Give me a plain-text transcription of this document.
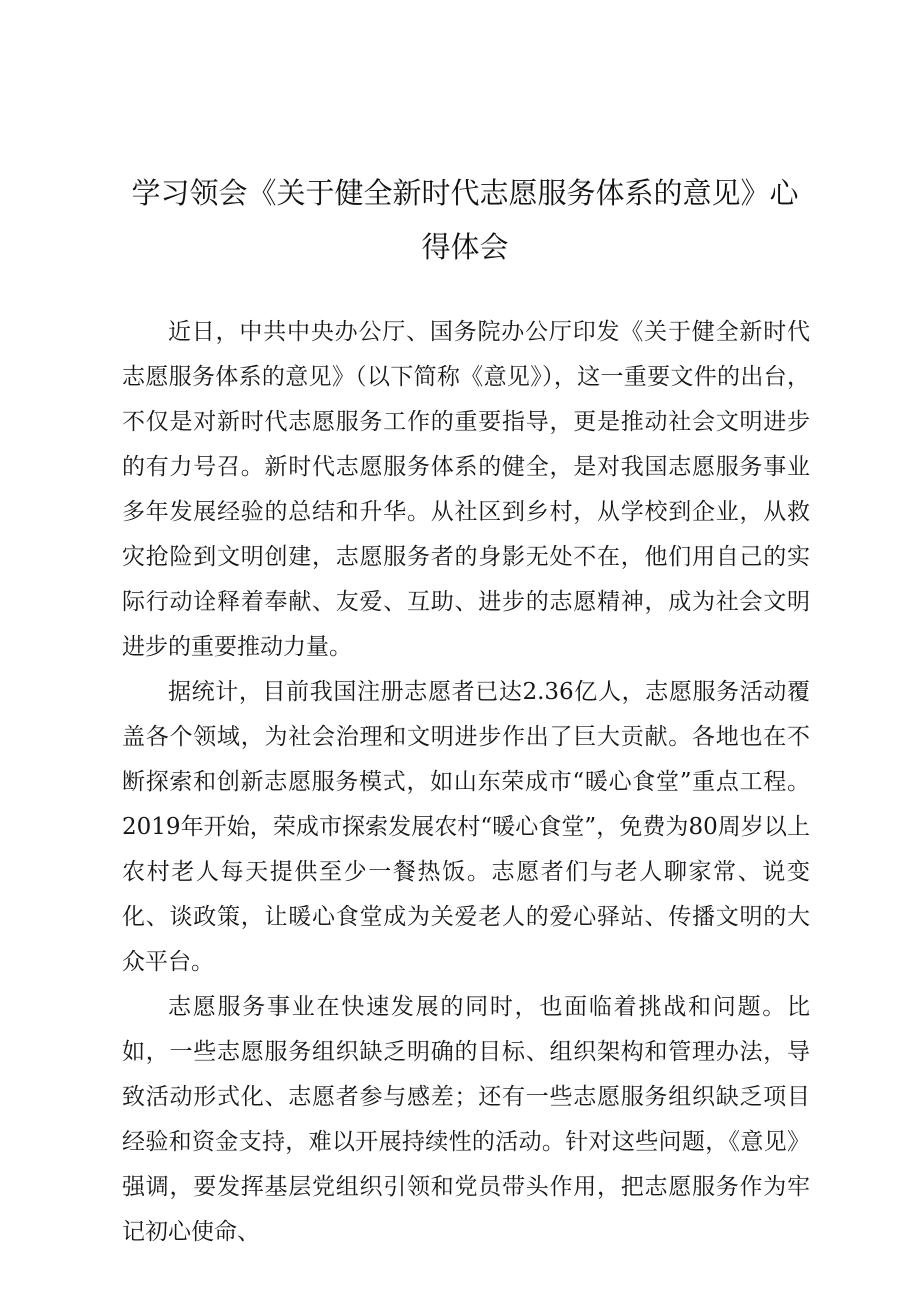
学习领会《关于健全新时代志愿服务体系的意见》心得体会

近日，中共中央办公厅、国务院办公厅印发《关于健全新时代志愿服务体系的意见》（以下简称《意见》），这一重要文件的出台，不仅是对新时代志愿服务工作的重要指导，更是推动社会文明进步的有力号召。新时代志愿服务体系的健全，是对我国志愿服务事业多年发展经验的总结和升华。从社区到乡村，从学校到企业，从救灾抢险到文明创建，志愿服务者的身影无处不在，他们用自己的实际行动诠释着奉献、友爱、互助、进步的志愿精神，成为社会文明进步的重要推动力量。

据统计，目前我国注册志愿者已达2.36亿人，志愿服务活动覆盖各个领域，为社会治理和文明进步作出了巨大贡献。各地也在不断探索和创新志愿服务模式，如山东荣成市“暖心食堂”重点工程。2019年开始，荣成市探索发展农村“暖心食堂”，免费为80周岁以上农村老人每天提供至少一餐热饭。志愿者们与老人聊家常、说变化、谈政策，让暖心食堂成为关爱老人的爱心驿站、传播文明的大众平台。

志愿服务事业在快速发展的同时，也面临着挑战和问题。比如，一些志愿服务组织缺乏明确的目标、组织架构和管理办法，导致活动形式化、志愿者参与感差；还有一些志愿服务组织缺乏项目经验和资金支持，难以开展持续性的活动。针对这些问题，《意见》强调，要发挥基层党组织引领和党员带头作用，把志愿服务作为牢记初心使命、
